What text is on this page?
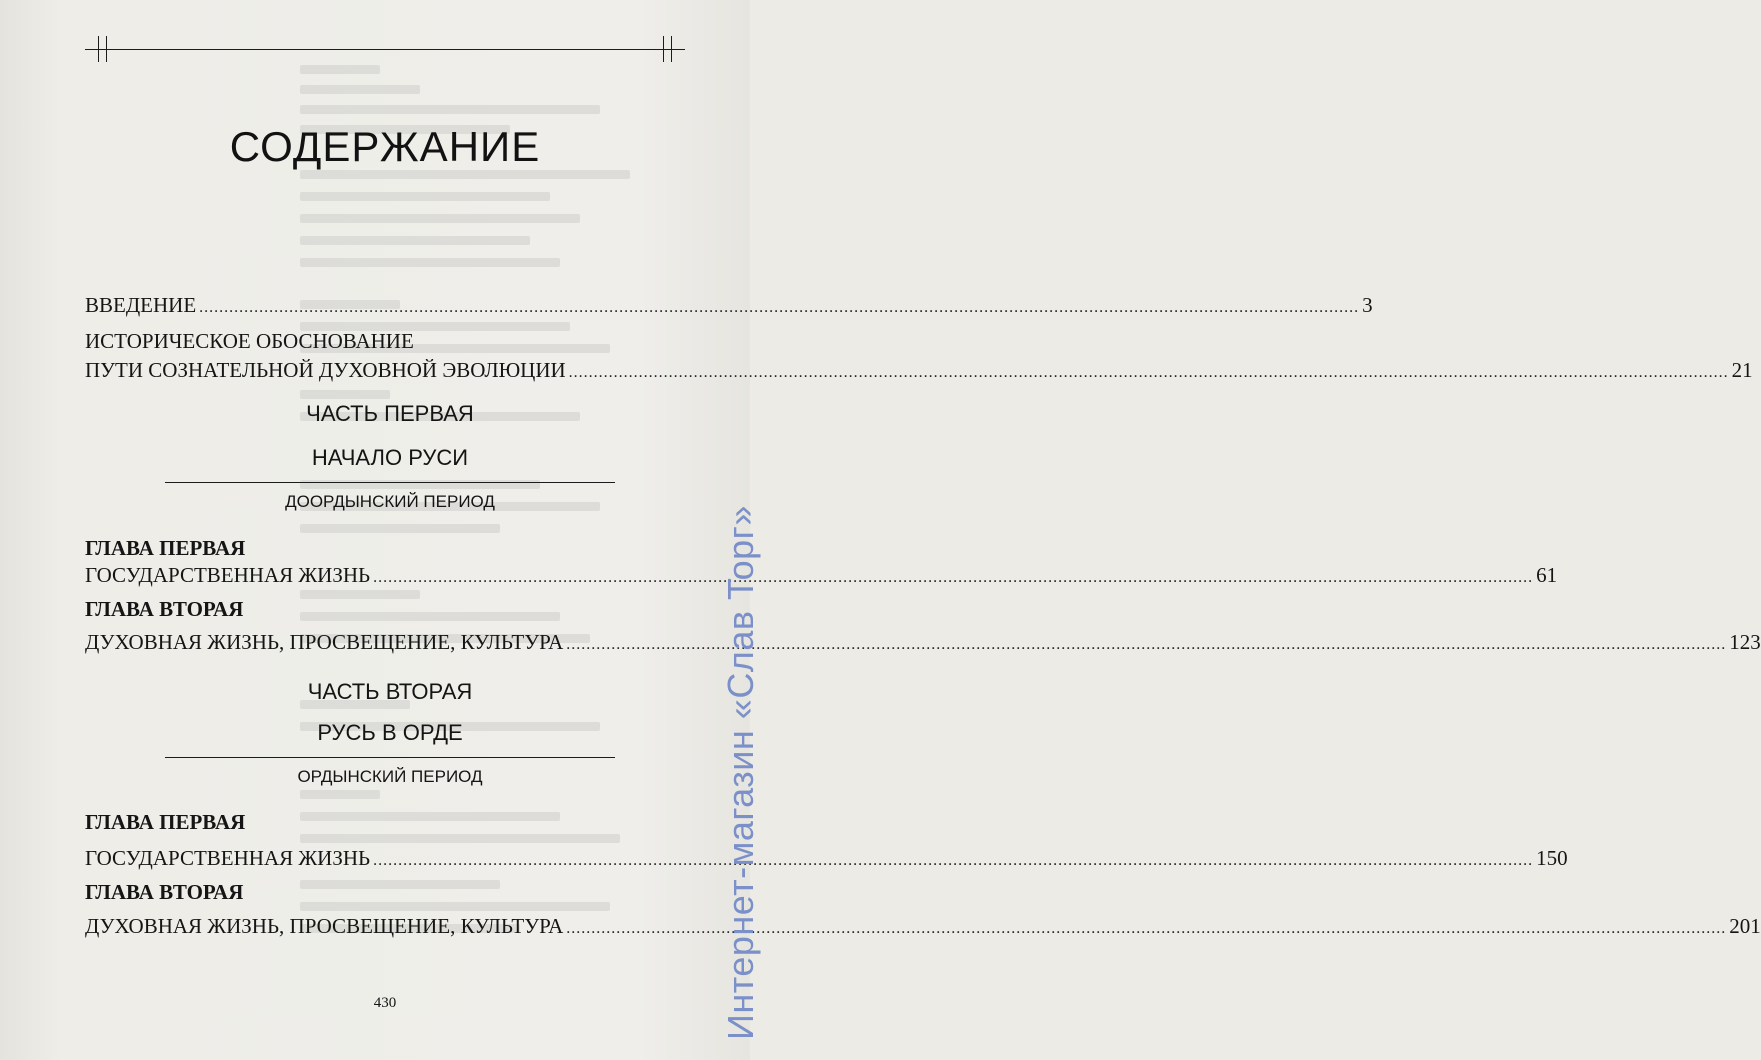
СОДЕРЖАНИЕ
ВВЕДЕНИЕ .....	3
ИСТОРИЧЕСКОЕ ОБОСНОВАНИЕ
ПУТИ СОЗНАТЕЛЬНОЙ ДУХОВНОЙ ЭВОЛЮЦИИ .....	21
ЧАСТЬ ПЕРВАЯ
НАЧАЛО РУСИ
ДООРДЫНСКИЙ ПЕРИОД
ГЛАВА ПЕРВАЯ
ГОСУДАРСТВЕННАЯ ЖИЗНЬ .....	61
ГЛАВА ВТОРАЯ
ДУХОВНАЯ ЖИЗНЬ, ПРОСВЕЩЕНИЕ, КУЛЬТУРА .....	123
ЧАСТЬ ВТОРАЯ
РУСЬ В ОРДЕ
ОРДЫНСКИЙ ПЕРИОД
ГЛАВА ПЕРВАЯ
ГОСУДАРСТВЕННАЯ ЖИЗНЬ .....	150
ГЛАВА ВТОРАЯ
ДУХОВНАЯ ЖИЗНЬ, ПРОСВЕЩЕНИЕ, КУЛЬТУРА .....	201
430	Интернет-магазин «Слав Торг»
